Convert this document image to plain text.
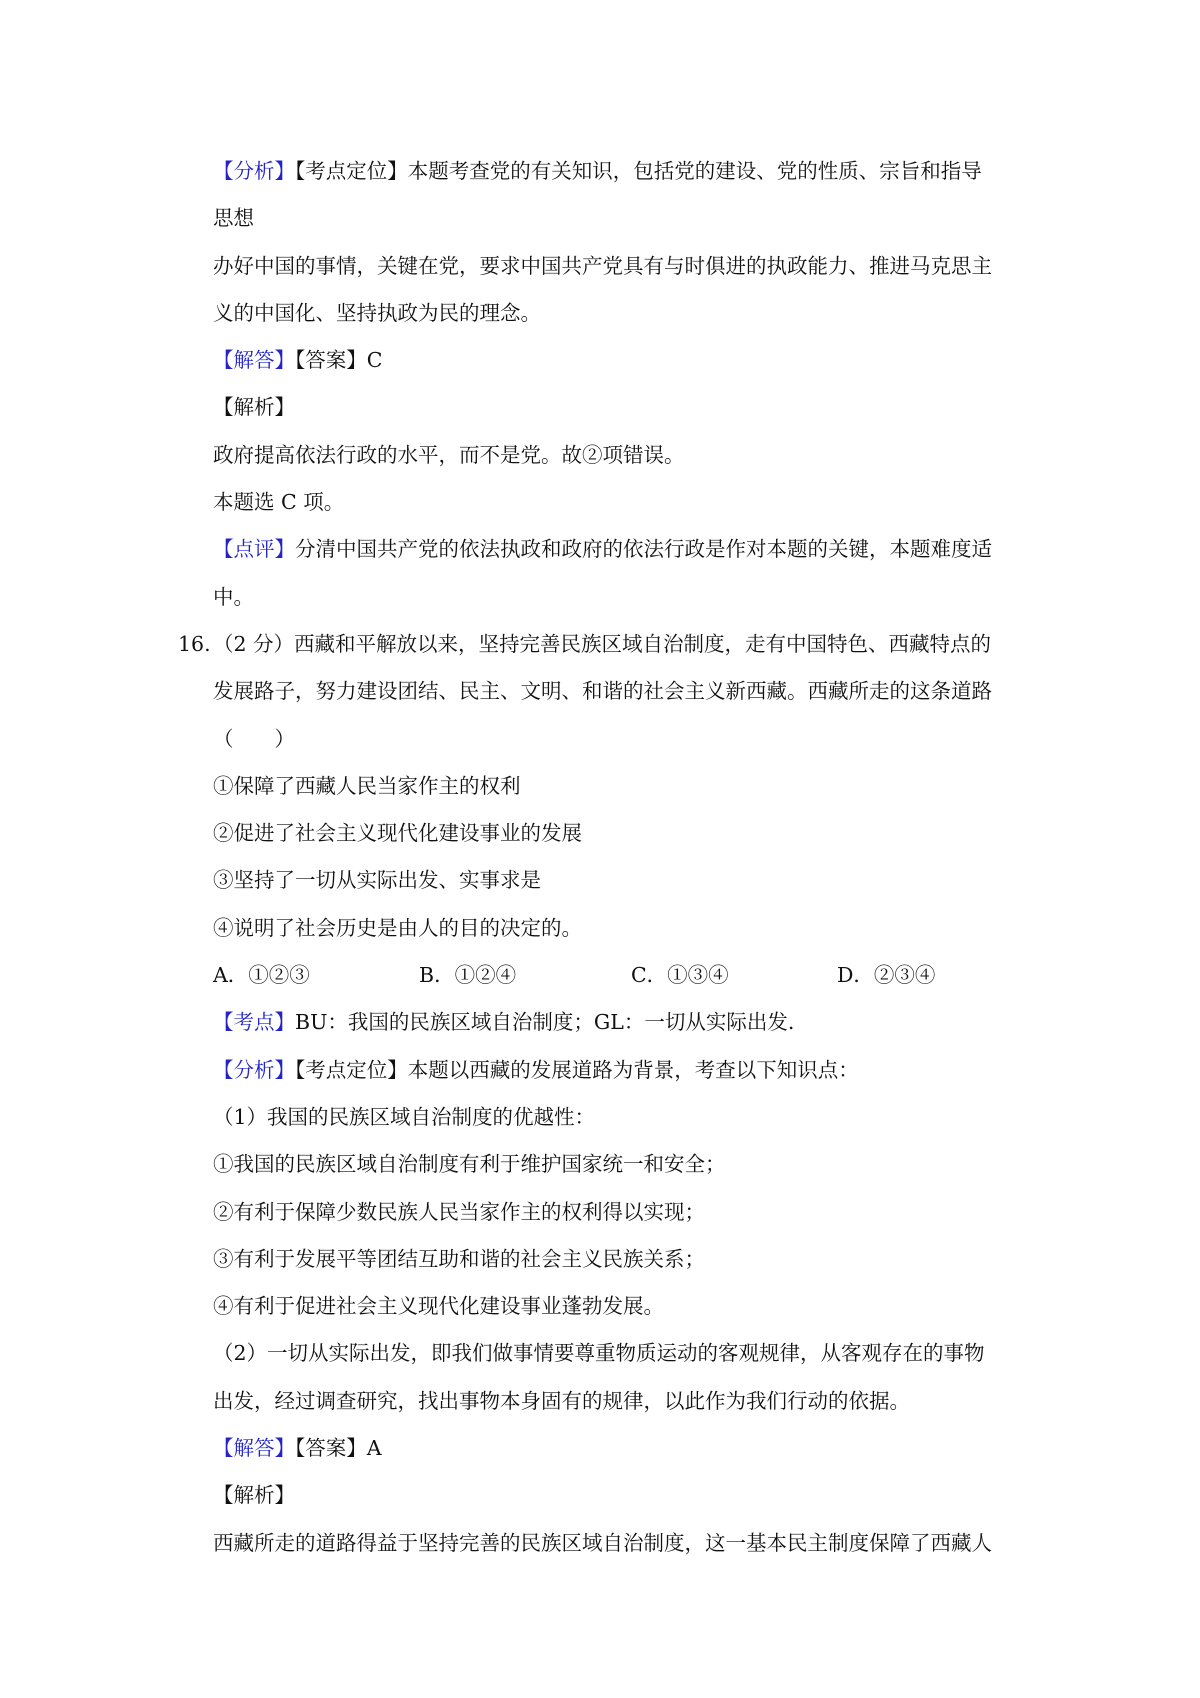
【分析】【考点定位】本题考查党的有关知识，包括党的建设、党的性质、宗旨和指导
思想
办好中国的事情，关键在党，要求中国共产党具有与时俱进的执政能力、推进马克思主
义的中国化、坚持执政为民的理念。
【解答】【答案】C
【解析】
政府提高依法行政的水平，而不是党。故②项错误。
本题选 C 项。
【点评】分清中国共产党的依法执政和政府的依法行政是作对本题的关键，本题难度适
中。
16. （2 分）西藏和平解放以来，坚持完善民族区域自治制度，走有中国特色、西藏特点的
发展路子，努力建设团结、民主、文明、和谐的社会主义新西藏。西藏所走的这条道路
（　　）
①保障了西藏人民当家作主的权利
②促进了社会主义现代化建设事业的发展
③坚持了一切从实际出发、实事求是
④说明了社会历史是由人的目的决定的。
A．①②③	B．①②④	C．①③④	D．②③④
【考点】BU：我国的民族区域自治制度；GL：一切从实际出发.
【分析】【考点定位】本题以西藏的发展道路为背景，考查以下知识点：
（1）我国的民族区域自治制度的优越性：
①我国的民族区域自治制度有利于维护国家统一和安全；
②有利于保障少数民族人民当家作主的权利得以实现；
③有利于发展平等团结互助和谐的社会主义民族关系；
④有利于促进社会主义现代化建设事业蓬勃发展。
（2）一切从实际出发，即我们做事情要尊重物质运动的客观规律，从客观存在的事物
出发，经过调查研究，找出事物本身固有的规律，以此作为我们行动的依据。
【解答】【答案】A
【解析】
西藏所走的道路得益于坚持完善的民族区域自治制度，这一基本民主制度保障了西藏人
